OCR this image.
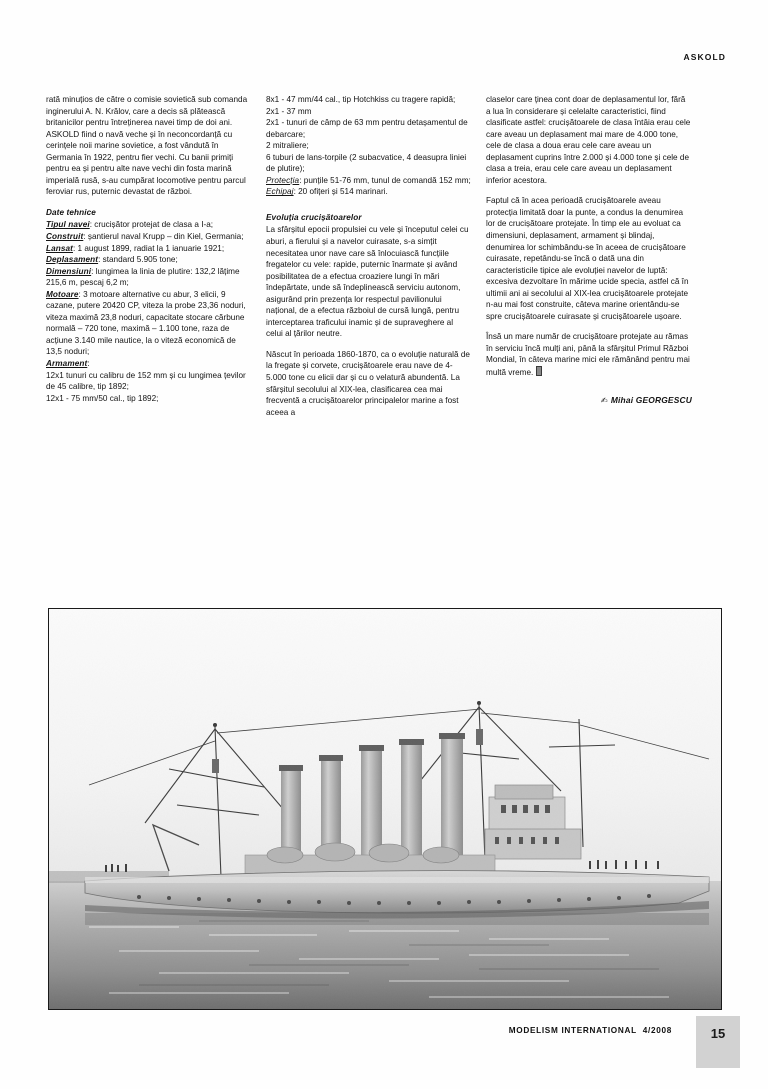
ASKOLD

rată minuțios de către o comisie sovietică sub comanda inginerului A. N. Krălov, care a decis să plătească britanicilor pentru întreținerea navei timp de doi ani. ASKOLD fiind o navă veche și în neconcordanță cu cerințele noii marine sovietice, a fost vândută în Germania în 1922, pentru fier vechi. Cu banii primiți pentru ea și pentru alte nave vechi din fosta marină imperială rusă, s-au cumpărat locomotive pentru parcul feroviar rus, puternic devastat de război.

Date tehnice

Tipul navei: crucișător protejat de clasa a I-a;

Construit: șantierul naval Krupp – din Kiel, Germania;

Lansat: 1 august 1899, radiat la 1 ianuarie 1921;

Deplasament: standard 5.905 tone;

Dimensiuni: lungimea la linia de plutire: 132,2 lățime 215,6 m, pescaj 6,2 m;

Motoare: 3 motoare alternative cu abur, 3 elicii, 9 cazane, putere 20420 CP, viteza la probe 23,36 noduri, viteza maximă 23,8 noduri, capacitate stocare cărbune normală – 720 tone, maximă – 1.100 tone, raza de acțiune 3.140 mile nautice, la o viteză economică de 13,5 noduri;

Armament:

12x1 tunuri cu calibru de 152 mm și cu lungimea țevilor de 45 calibre, tip 1892;

12x1 - 75 mm/50 cal., tip 1892;

8x1 - 47 mm/44 cal., tip Hotchkiss cu tragere rapidă;

2x1 - 37 mm

2x1 - tunuri de câmp de 63 mm pentru detașamentul de debarcare;

2 mitraliere;

6 tuburi de lans-torpile (2 subacvatice, 4 deasupra liniei de plutire);

Protecția: punțile 51-76 mm, tunul de comandă 152 mm;

Echipaj: 20 ofițeri și 514 marinari.

Evoluția crucișătoarelor

La sfârșitul epocii propulsiei cu vele și începutul celei cu aburi, a fierului și a navelor cuirasate, s-a simțit necesitatea unor nave care să înlocuiască funcțiile fregatelor cu vele: rapide, puternic înarmate și având posibilitatea de a efectua croaziere lungi în mări îndepărtate, unde să îndeplinească serviciu autonom, asigurând prin prezența lor respectul pavilionului național, de a efectua războiul de cursă lungă, pentru interceptarea traficului inamic și de supraveghere al celui al țărilor neutre.

Născut în perioada 1860-1870, ca o evoluție naturală de la fregate și corvete, crucișătoarele erau nave de 4-5.000 tone cu elicii dar și cu o velatură abundentă. La sfârșitul secolului al XIX-lea, clasificarea cea mai frecventă a crucișătoarelor principalelor marine a fost aceea a

claselor care ținea cont doar de deplasamentul lor, fără a lua în considerare și celelalte caracteristici, fiind clasificate astfel: crucișătoarele de clasa întâia erau cele care aveau un deplasament mai mare de 4.000 tone, cele de clasa a doua erau cele care aveau un deplasament cuprins între 2.000 și 4.000 tone și cele de clasa a treia, erau cele care aveau un deplasament inferior acestora.

Faptul că în acea perioadă crucișătoarele aveau protecția limitată doar la punte, a condus la denumirea lor de crucișătoare protejate. În timp ele au evoluat ca dimensiuni, deplasament, armament și blindaj, denumirea lor schimbându-se în aceea de crucișătoare cuirasate, repetându-se încă o dată una din caracteristicile tipice ale evoluției navelor de luptă: excesiva dezvoltare în mărime ucide specia, astfel că în ultimii ani ai secolului al XIX-lea crucișătoarele protejate n-au mai fost construite, câteva marine orientându-se spre crucișătoarele cuirasate și crucișătoarele ușoare.

Însă un mare număr de crucișătoare protejate au rămas în serviciu încă mulți ani, până la sfârșitul Primul Război Mondial, în câteva marine mici ele rămânând pentru mai multă vreme.

✍ Mihai GEORGESCU
MODELISM INTERNATIONAL 4/2008	15
